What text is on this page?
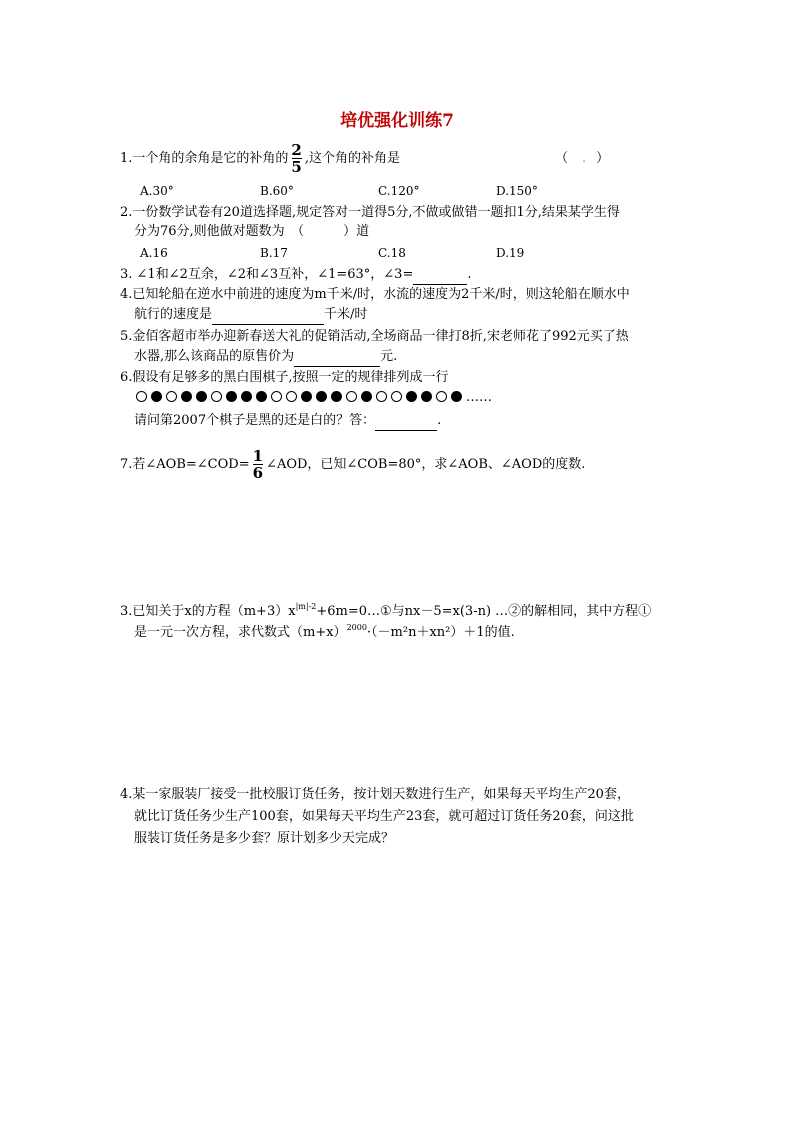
培优强化训练7
1.一个角的余角是它的补角的 $\frac{2}{5}$ ,这个角的补角是	（ . ）
A.30°	B.60°	C.120°	D.150°
2.一份数学试卷有20道选择题,规定答对一道得5分,不做或做错一题扣1分,结果某学生得
分为76分,则他做对题数为　（　　　）道
A.16	B.17	C.18	D.19
3. ∠1和∠2互余，∠2和∠3互补，∠1=63°，∠3=	.
4.已知轮船在逆水中前进的速度为m千米/时，水流的速度为2千米/时，则这轮船在顺水中
航行的速度是	千米/时
5.金佰客超市举办迎新春送大礼的促销活动,全场商品一律打8折,宋老师花了992元买了热
水器,那么该商品的原售价为	元.
6.假设有足够多的黑白围棋子,按照一定的规律排列成一行
……
请问第2007个棋子是黑的还是白的？答：	.
7.若∠AOB=∠COD= $\frac{1}{6}$ ∠AOD，已知∠COB=80°，求∠AOB、∠AOD的度数.
3.已知关于x的方程$(m+3)x^{|m|-2}+6m=0\dots ①$与nx－5=x(3-n) …②的解相同，其中方程①
是一元一次方程，求代数式$(m+x)^{2000}\cdot(-m^2n+xn^2)+1$的值.
4.某一家服装厂接受一批校服订货任务，按计划天数进行生产，如果每天平均生产20套，
就比订货任务少生产100套，如果每天平均生产23套，就可超过订货任务20套，问这批
服装订货任务是多少套？原计划多少天完成？
